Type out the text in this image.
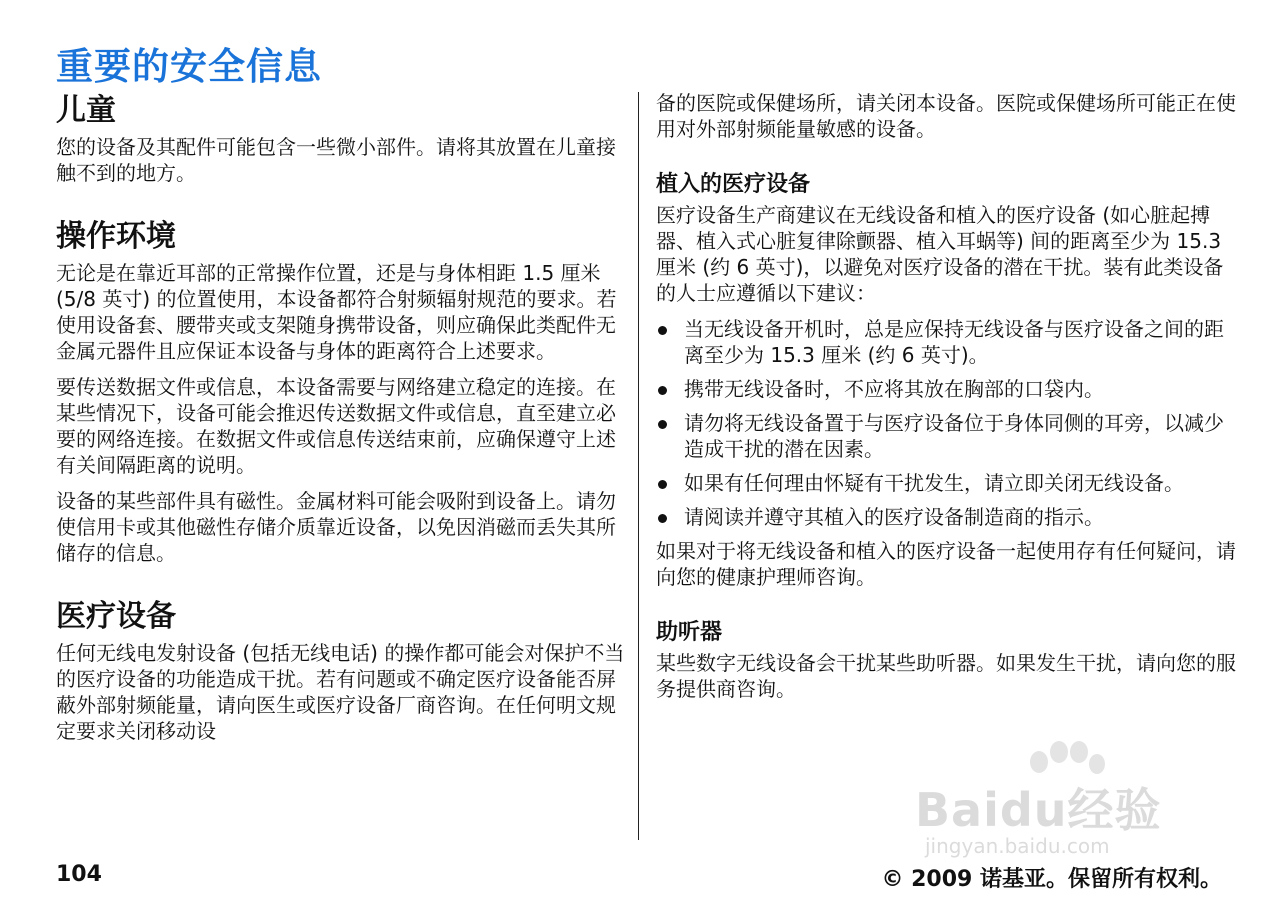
重要的安全信息
儿童

您的设备及其配件可能包含一些微小部件。请将其放置在儿童接触不到的地方。

操作环境

无论是在靠近耳部的正常操作位置，还是与身体相距 1.5 厘米 (5/8 英寸) 的位置使用，本设备都符合射频辐射规范的要求。若使用设备套、腰带夹或支架随身携带设备，则应确保此类配件无金属元器件且应保证本设备与身体的距离符合上述要求。

要传送数据文件或信息，本设备需要与网络建立稳定的连接。在某些情况下，设备可能会推迟传送数据文件或信息，直至建立必要的网络连接。在数据文件或信息传送结束前，应确保遵守上述有关间隔距离的说明。

设备的某些部件具有磁性。金属材料可能会吸附到设备上。请勿使信用卡或其他磁性存储介质靠近设备，以免因消磁而丢失其所储存的信息。

医疗设备

任何无线电发射设备 (包括无线电话) 的操作都可能会对保护不当的医疗设备的功能造成干扰。若有问题或不确定医疗设备能否屏蔽外部射频能量，请向医生或医疗设备厂商咨询。在任何明文规定要求关闭移动设

备的医院或保健场所，请关闭本设备。医院或保健场所可能正在使用对外部射频能量敏感的设备。

植入的医疗设备

医疗设备生产商建议在无线设备和植入的医疗设备 (如心脏起搏器、植入式心脏复律除颤器、植入耳蜗等) 间的距离至少为 15.3 厘米 (约 6 英寸)，以避免对医疗设备的潜在干扰。装有此类设备的人士应遵循以下建议：

当无线设备开机时，总是应保持无线设备与医疗设备之间的距离至少为 15.3 厘米 (约 6 英寸)。
携带无线设备时，不应将其放在胸部的口袋内。
请勿将无线设备置于与医疗设备位于身体同侧的耳旁，以减少造成干扰的潜在因素。
如果有任何理由怀疑有干扰发生，请立即关闭无线设备。
请阅读并遵守其植入的医疗设备制造商的指示。

如果对于将无线设备和植入的医疗设备一起使用存有任何疑问，请向您的健康护理师咨询。

助听器

某些数字无线设备会干扰某些助听器。如果发生干扰，请向您的服务提供商咨询。

Baidu经验
jingyan.baidu.com
104	© 2009 诺基亚。保留所有权利。
